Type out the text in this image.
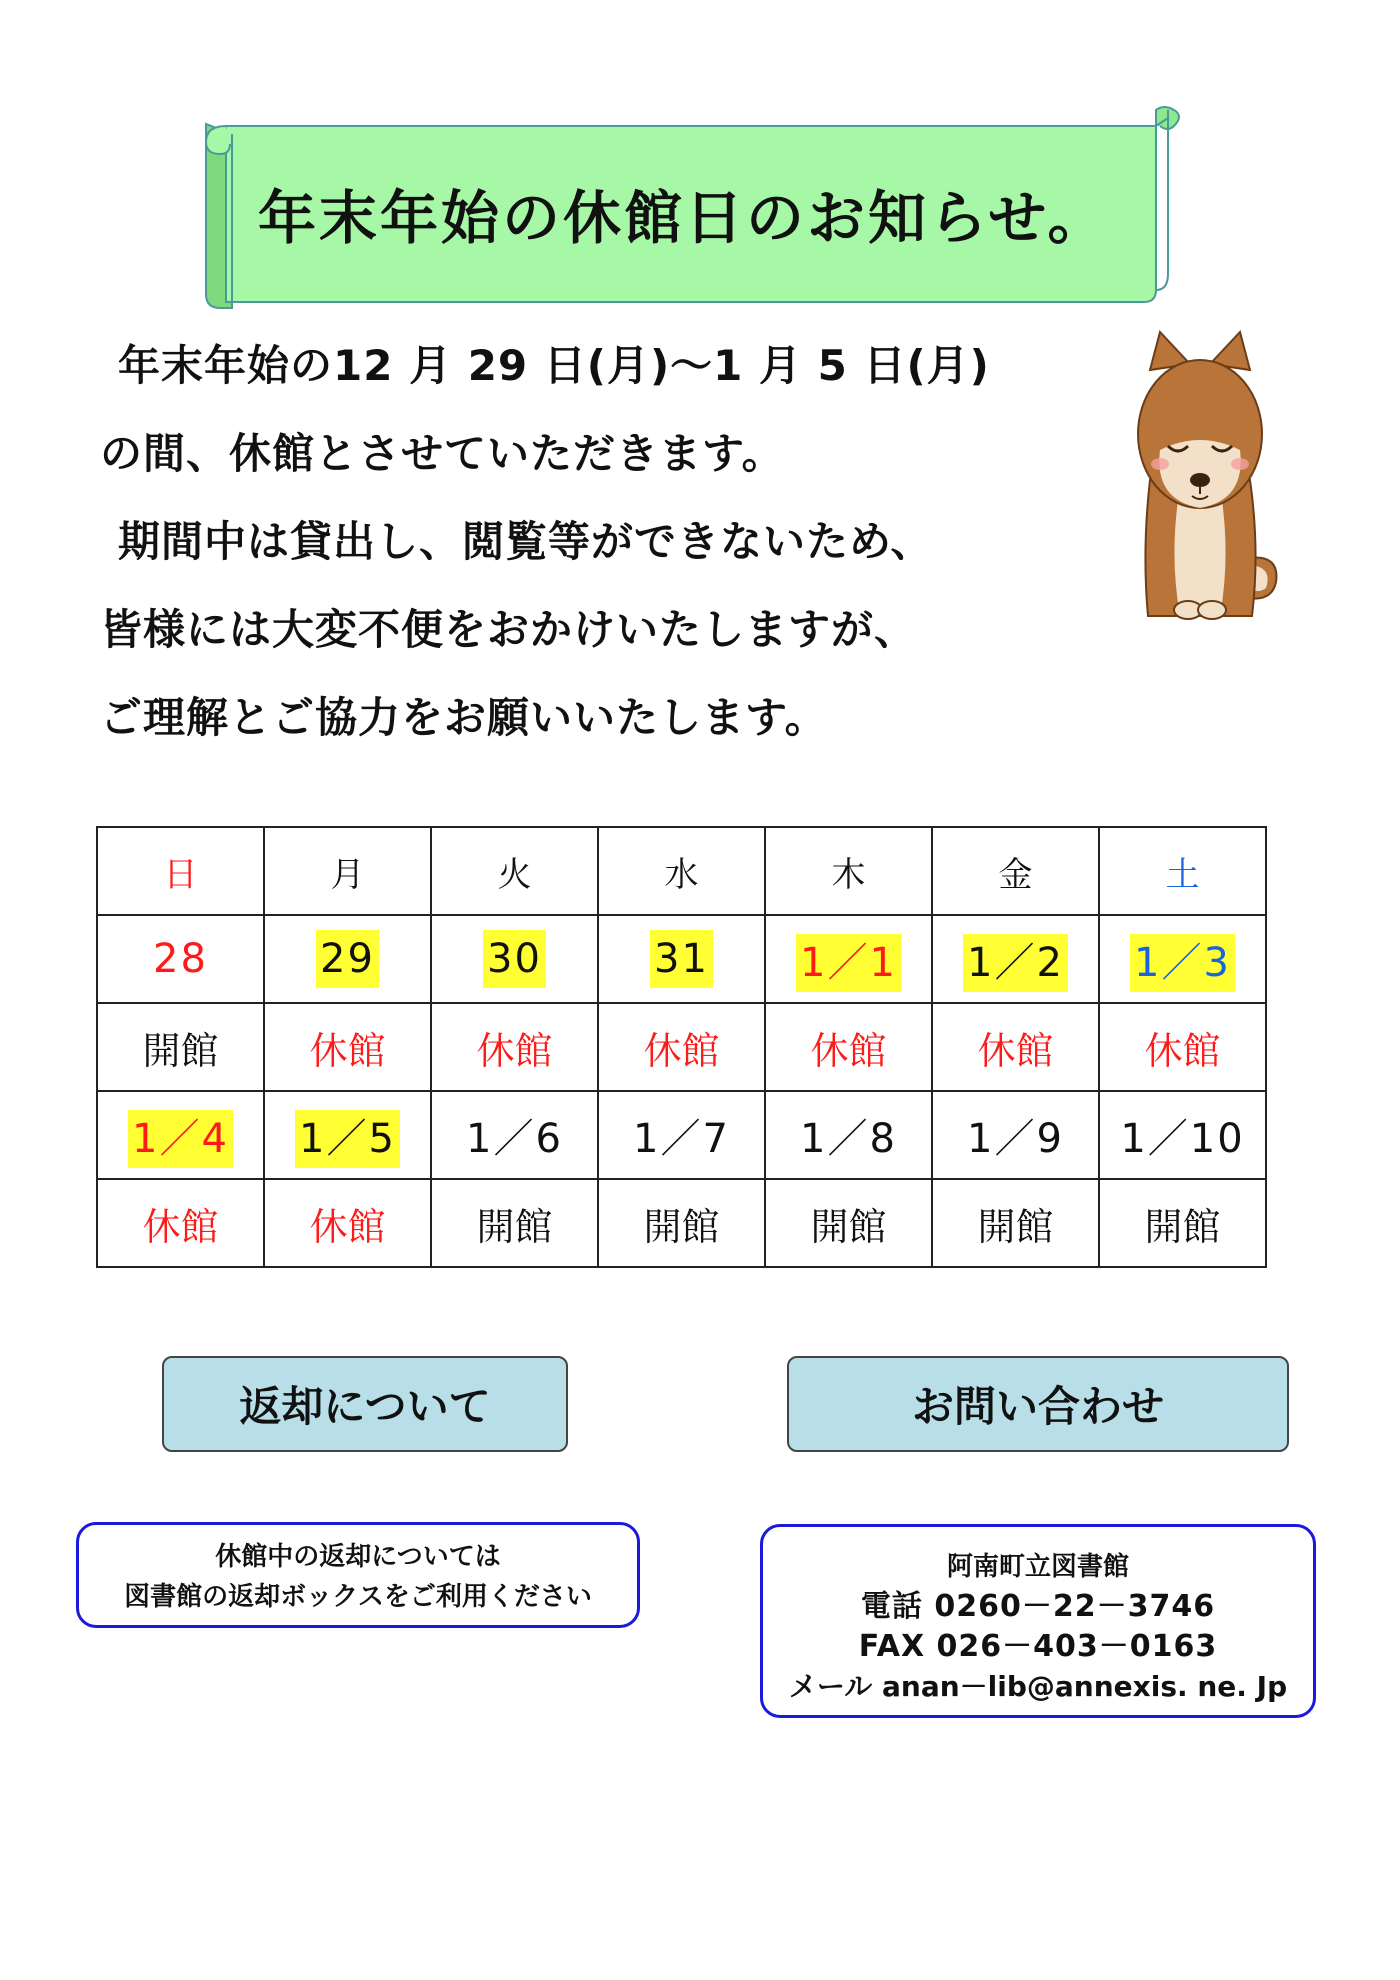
年末年始の休館日のお知らせ。

年末年始の12 月 29 日(月)～1 月 5 日(月)

の間、休館とさせていただきます。

期間中は貸出し、閲覧等ができないため、

皆様には大変不便をおかけいたしますが、

ご理解とご協力をお願いいたします。

日	月	火	水	木	金	土
28	29	30	31	1／1	1／2	1／3
開館	休館	休館	休館	休館	休館	休館
1／4	1／5	1／6	1／7	1／8	1／9	1／10
休館	休館	開館	開館	開館	開館	開館
返却について	お問い合わせ
休館中の返却については
図書館の返却ボックスをご利用ください
阿南町立図書館
電話 0260－22－3746
FAX 026－403－0163
メール anan－lib@annexis. ne. Jp
